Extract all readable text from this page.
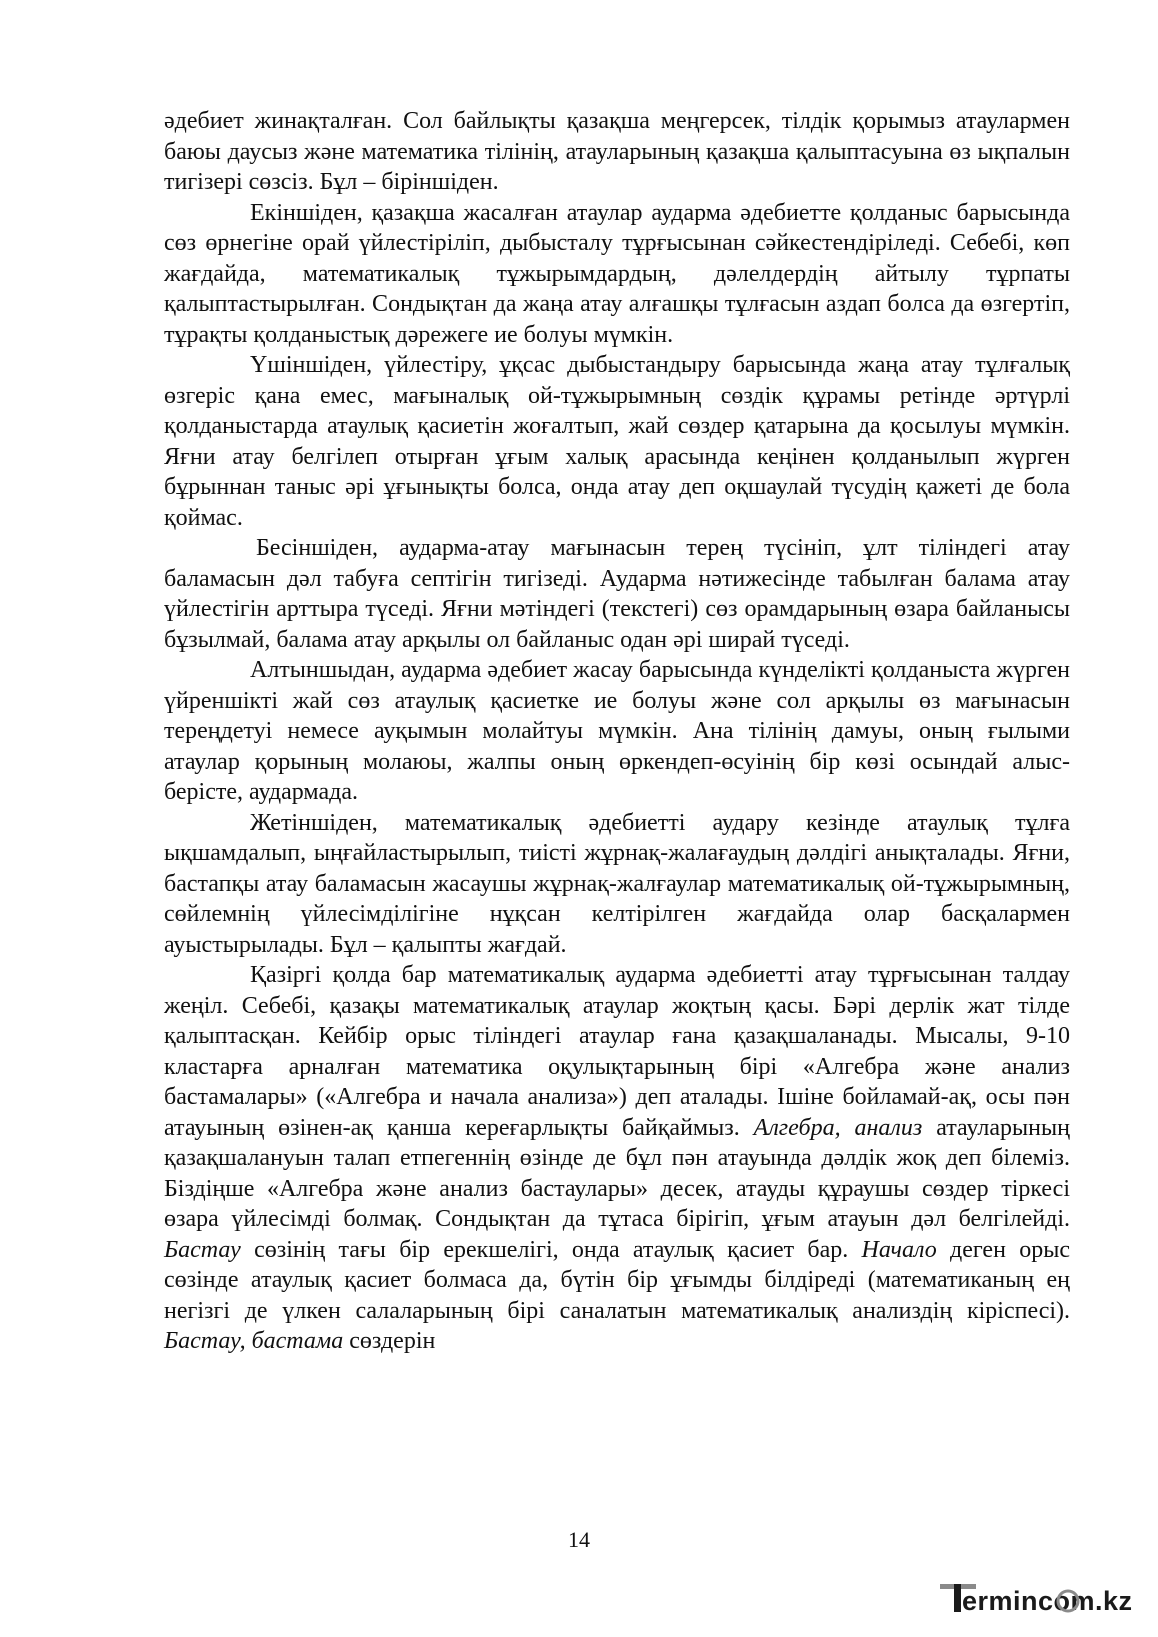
әдебиет жинақталған. Сол байлықты қазақша меңгерсек, тілдік қорымыз атаулармен баюы даусыз және математика тілінің, атауларының қазақша қалыптасуына өз ықпалын тигізері сөзсіз. Бұл – біріншіден.

Екіншіден, қазақша жасалған атаулар аударма әдебиетте қолданыс барысында сөз өрнегіне орай үйлестіріліп, дыбысталу тұрғысынан сәйкестендіріледі. Себебі, көп жағдайда, математикалық тұжырымдардың, дәлелдердің айтылу тұрпаты қалыптастырылған. Сондықтан да жаңа атау алғашқы тұлғасын аздап болса да өзгертіп, тұрақты қолданыстық дәрежеге ие болуы мүмкін.

Үшіншіден, үйлестіру, ұқсас дыбыстандыру барысында жаңа атау тұлғалық өзгеріс қана емес, мағыналық ой-тұжырымның сөздік құрамы ретінде әртүрлі қолданыстарда атаулық қасиетін жоғалтып, жай сөздер қатарына да қосылуы мүмкін. Яғни атау белгілеп отырған ұғым халық арасында кеңінен қолданылып жүрген бұрыннан таныс әрі ұғынықты болса, онда атау деп оқшаулай түсудің қажеті де бола қоймас.

Бесіншіден, аударма-атау мағынасын терең түсініп, ұлт тіліндегі атау баламасын дәл табуға септігін тигізеді. Аударма нәтижесінде табылған балама атау үйлестігін арттыра түседі. Яғни мәтіндегі (текстегі) сөз орамдарының өзара байланысы бұзылмай, балама атау арқылы ол байланыс одан әрі ширай түседі.

Алтыншыдан, аударма әдебиет жасау барысында күнделікті қолданыста жүрген үйреншікті жай сөз атаулық қасиетке ие болуы және сол арқылы өз мағынасын тереңдетуі немесе ауқымын молайтуы мүмкін. Ана тілінің дамуы, оның ғылыми атаулар қорының молаюы, жалпы оның өркендеп-өсуінің бір көзі осындай алыс-берісте, аудармада.

Жетіншіден, математикалық әдебиетті аудару кезінде атаулық тұлға ықшамдалып, ыңғайластырылып, тиісті жұрнақ-жалағаудың дәлдігі анықталады. Яғни, бастапқы атау баламасын жасаушы жұрнақ-жалғаулар математикалық ой-тұжырымның, сөйлемнің үйлесімділігіне нұқсан келтірілген жағдайда олар басқалармен ауыстырылады. Бұл – қалыпты жағдай.

Қазіргі қолда бар математикалық аударма әдебиетті атау тұрғысынан талдау жеңіл. Себебі, қазақы математикалық атаулар жоқтың қасы. Бәрі дерлік жат тілде қалыптасқан. Кейбір орыс тіліндегі атаулар ғана қазақшаланады. Мысалы, 9-10 кластарға арналған математика оқулықтарының бірі «Алгебра және анализ бастамалары» («Алгебра и начала анализа») деп аталады. Ішіне бойламай-ақ, осы пән атауының өзінен-ақ қанша кереғарлықты байқаймыз. Алгебра, анализ атауларының қазақшалануын талап етпегеннің өзінде де бұл пән атауында дәлдік жоқ деп білеміз. Біздіңше «Алгебра және анализ бастаулары» десек, атауды құраушы сөздер тіркесі өзара үйлесімді болмақ. Сондықтан да тұтаса бірігіп, ұғым атауын дәл белгілейді. Бастау сөзінің тағы бір ерекшелігі, онда атаулық қасиет бар. Начало деген орыс сөзінде атаулық қасиет болмаса да, бүтін бір ұғымды білдіреді (математиканың ең негізгі де үлкен салаларының бірі саналатын математикалық анализдің кіріспесі). Бастау, бастама сөздерін

14
ermincom.kz
